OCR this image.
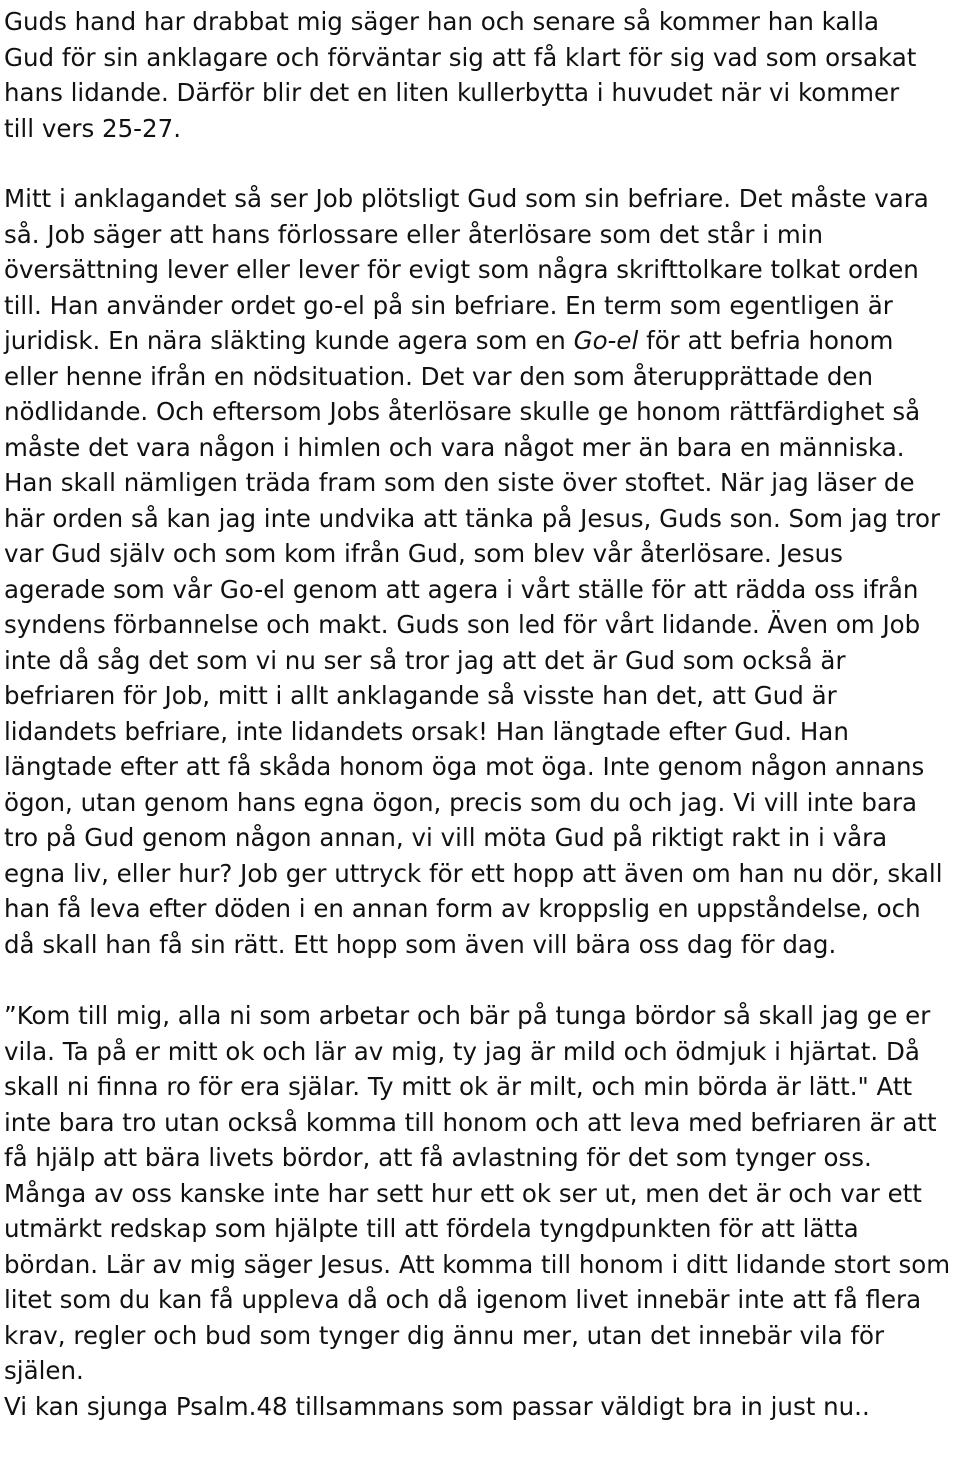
Guds hand har drabbat mig säger han och senare så kommer han kalla
Gud för sin anklagare och förväntar sig att få klart för sig vad som orsakat
hans lidande. Därför blir det en liten kullerbytta i huvudet när vi kommer
till vers 25-27.

Mitt i anklagandet så ser Job plötsligt Gud som sin befriare. Det måste vara så. Job säger att hans förlossare eller återlösare som det står i min översättning lever eller lever för evigt som några skrifttolkare tolkat orden till. Han använder ordet go-el på sin befriare. En term som egentligen är juridisk. En nära släkting kunde agera som en Go-el för att befria honom eller henne ifrån en nödsituation. Det var den som återupprättade den nödlidande. Och eftersom Jobs återlösare skulle ge honom rättfärdighet så måste det vara någon i himlen och vara något mer än bara en människa. Han skall nämligen träda fram som den siste över stoftet. När jag läser de här orden så kan jag inte undvika att tänka på Jesus, Guds son. Som jag tror var Gud själv och som kom ifrån Gud, som blev vår återlösare. Jesus agerade som vår Go-el genom att agera i vårt ställe för att rädda oss ifrån syndens förbannelse och makt. Guds son led för vårt lidande. Även om Job inte då såg det som vi nu ser så tror jag att det är Gud som också är befriaren för Job, mitt i allt anklagande så visste han det, att Gud är lidandets befriare, inte lidandets orsak! Han längtade efter Gud. Han längtade efter att få skåda honom öga mot öga. Inte genom någon annans ögon, utan genom hans egna ögon, precis som du och jag. Vi vill inte bara tro på Gud genom någon annan, vi vill möta Gud på riktigt rakt in i våra egna liv, eller hur? Job ger uttryck för ett hopp att även om han nu dör, skall han få leva efter döden i en annan form av kroppslig en uppståndelse, och då skall han få sin rätt. Ett hopp som även vill bära oss dag för dag.

”Kom till mig, alla ni som arbetar och bär på tunga bördor så skall jag ge er vila. Ta på er mitt ok och lär av mig, ty jag är mild och ödmjuk i hjärtat. Då skall ni finna ro för era själar. Ty mitt ok är milt, och min börda är lätt." Att inte bara tro utan också komma till honom och att leva med befriaren är att få hjälp att bära livets bördor, att få avlastning för det som tynger oss. Många av oss kanske inte har sett hur ett ok ser ut, men det är och var ett utmärkt redskap som hjälpte till att fördela tyngdpunkten för att lätta bördan. Lär av mig säger Jesus. Att komma till honom i ditt lidande stort som litet som du kan få uppleva då och då igenom livet innebär inte att få flera krav, regler och bud som tynger dig ännu mer, utan det innebär vila för själen.

Vi kan sjunga Psalm.48 tillsammans som passar väldigt bra in just nu..
